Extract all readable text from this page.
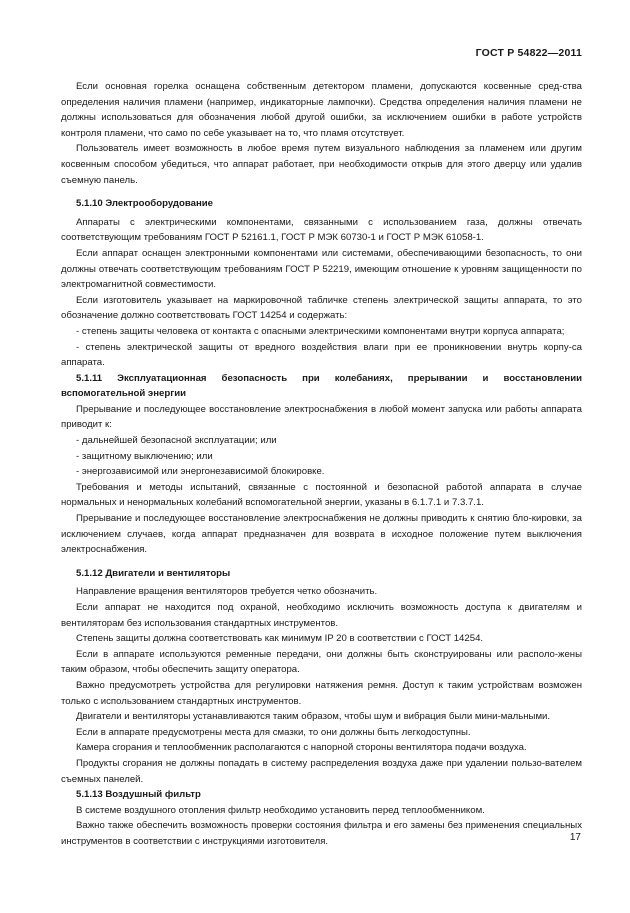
ГОСТ Р 54822—2011

Если основная горелка оснащена собственным детектором пламени, допускаются косвенные сред-ства определения наличия пламени (например, индикаторные лампочки). Средства определения наличия пламени не должны использоваться для обозначения любой другой ошибки, за исключением ошибки в работе устройств контроля пламени, что само по себе указывает на то, что пламя отсутствует.

Пользователь имеет возможность в любое время путем визуального наблюдения за пламенем или другим косвенным способом убедиться, что аппарат работает, при необходимости открыв для этого дверцу или удалив съемную панель.

5.1.10 Электрооборудование

Аппараты с электрическими компонентами, связанными с использованием газа, должны отвечать соответствующим требованиям ГОСТ Р 52161.1, ГОСТ Р МЭК 60730-1 и ГОСТ Р МЭК 61058-1.

Если аппарат оснащен электронными компонентами или системами, обеспечивающими безопасность, то они должны отвечать соответствующим требованиям ГОСТ Р 52219, имеющим отношение к уровням защищенности по электромагнитной совместимости.

Если изготовитель указывает на маркировочной табличке степень электрической защиты аппарата, то это обозначение должно соответствовать ГОСТ 14254 и содержать:

- степень защиты человека от контакта с опасными электрическими компонентами внутри корпуса аппарата;

- степень электрической защиты от вредного воздействия влаги при ее проникновении внутрь корпу-са аппарата.

5.1.11 Эксплуатационная безопасность при колебаниях, прерывании и восстановлении вспомогательной энергии

Прерывание и последующее восстановление электроснабжения в любой момент запуска или работы аппарата приводит к:

- дальнейшей безопасной эксплуатации; или

- защитному выключению; или

- энергозависимой или энергонезависимой блокировке.

Требования и методы испытаний, связанные с постоянной и безопасной работой аппарата в случае нормальных и ненормальных колебаний вспомогательной энергии, указаны в 6.1.7.1 и 7.3.7.1.

Прерывание и последующее восстановление электроснабжения не должны приводить к снятию бло-кировки, за исключением случаев, когда аппарат предназначен для возврата в исходное положение путем выключения электроснабжения.

5.1.12 Двигатели и вентиляторы

Направление вращения вентиляторов требуется четко обозначить.

Если аппарат не находится под охраной, необходимо исключить возможность доступа к двигателям и вентиляторам без использования стандартных инструментов.

Степень защиты должна соответствовать как минимум IP 20 в соответствии с ГОСТ 14254.

Если в аппарате используются ременные передачи, они должны быть сконструированы или располо-жены таким образом, чтобы обеспечить защиту оператора.

Важно предусмотреть устройства для регулировки натяжения ремня. Доступ к таким устройствам возможен только с использованием стандартных инструментов.

Двигатели и вентиляторы устанавливаются таким образом, чтобы шум и вибрация были мини-мальными.

Если в аппарате предусмотрены места для смазки, то они должны быть легкодоступны.

Камера сгорания и теплообменник располагаются с напорной стороны вентилятора подачи воздуха.

Продукты сгорания не должны попадать в систему распределения воздуха даже при удалении пользо-вателем съемных панелей.

5.1.13 Воздушный фильтр

В системе воздушного отопления фильтр необходимо установить перед теплообменником.

Важно также обеспечить возможность проверки состояния фильтра и его замены без применения специальных инструментов в соответствии с инструкциями изготовителя.	17
